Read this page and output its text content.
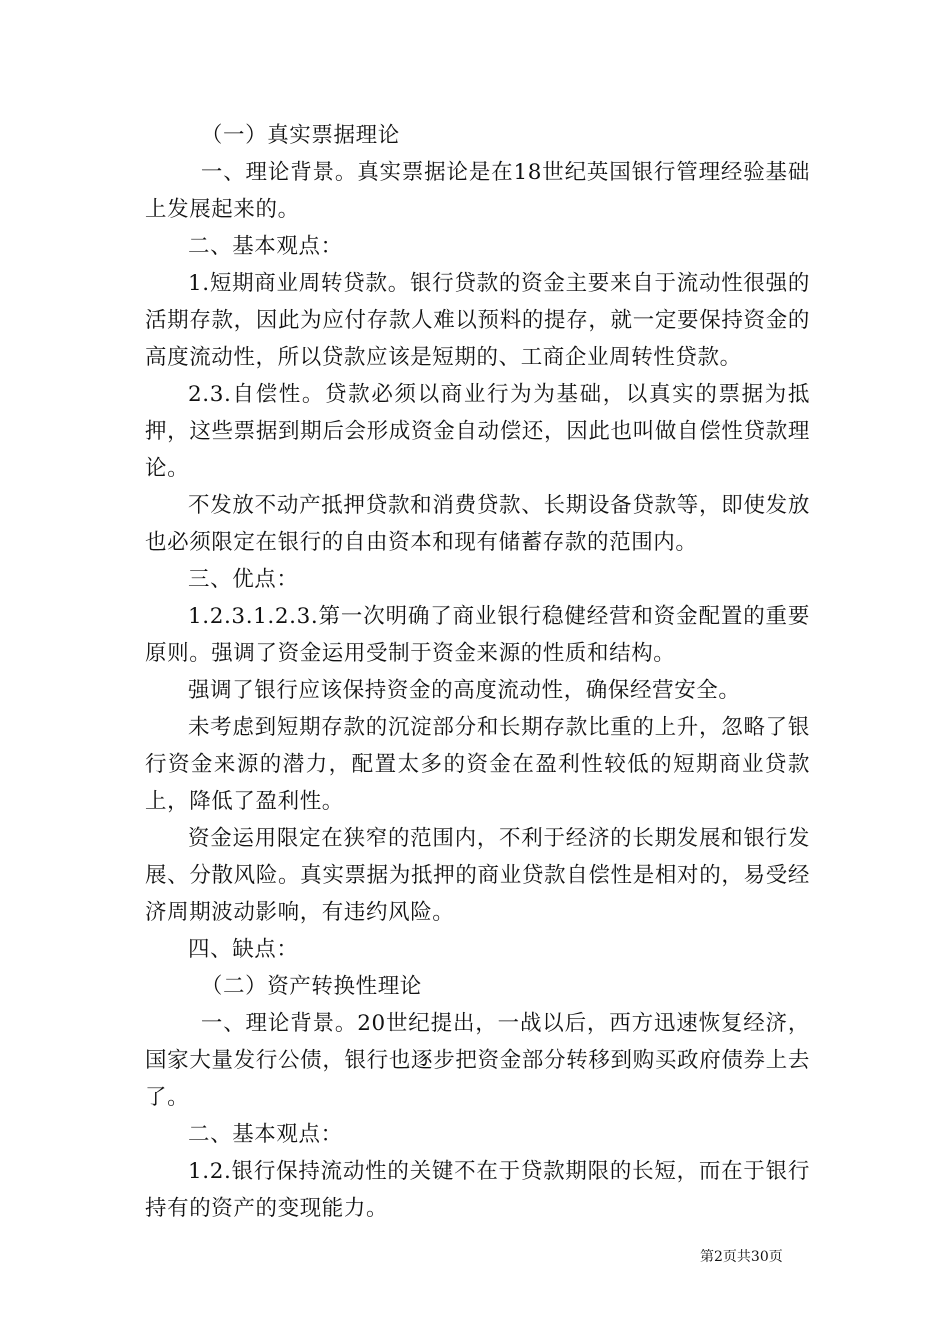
（一）真实票据理论

一、理论背景。真实票据论是在18世纪英国银行管理经验基础上发展起来的。

二、基本观点：

1.短期商业周转贷款。银行贷款的资金主要来自于流动性很强的活期存款，因此为应付存款人难以预料的提存，就一定要保持资金的高度流动性，所以贷款应该是短期的、工商企业周转性贷款。

2.3.自偿性。贷款必须以商业行为为基础，以真实的票据为抵押，这些票据到期后会形成资金自动偿还，因此也叫做自偿性贷款理论。

不发放不动产抵押贷款和消费贷款、长期设备贷款等，即使发放也必须限定在银行的自由资本和现有储蓄存款的范围内。

三、优点：

1.2.3.1.2.3.第一次明确了商业银行稳健经营和资金配置的重要原则。强调了资金运用受制于资金来源的性质和结构。

强调了银行应该保持资金的高度流动性，确保经营安全。

未考虑到短期存款的沉淀部分和长期存款比重的上升，忽略了银行资金来源的潜力，配置太多的资金在盈利性较低的短期商业贷款上，降低了盈利性。

资金运用限定在狭窄的范围内，不利于经济的长期发展和银行发展、分散风险。真实票据为抵押的商业贷款自偿性是相对的，易受经济周期波动影响，有违约风险。

四、缺点：

（二）资产转换性理论

一、理论背景。20世纪提出，一战以后，西方迅速恢复经济，国家大量发行公债，银行也逐步把资金部分转移到购买政府债券上去了。

二、基本观点：

1.2.银行保持流动性的关键不在于贷款期限的长短，而在于银行持有的资产的变现能力。

第2页共30页
